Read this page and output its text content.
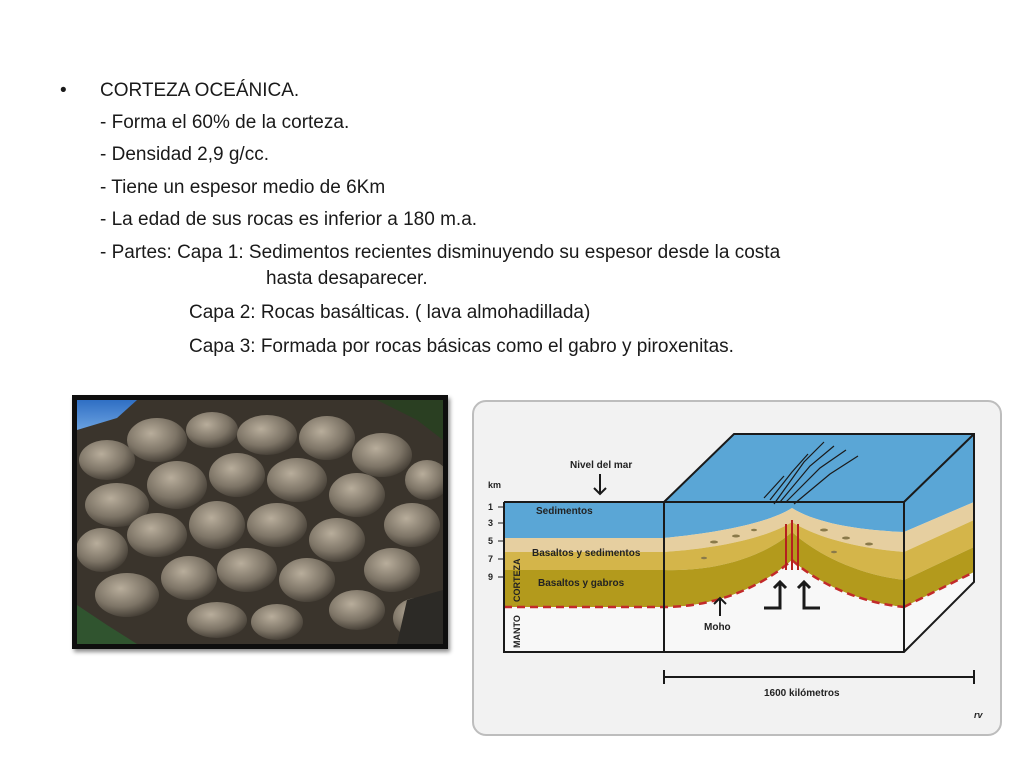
• CORTEZA OCEÁNICA.
- Forma el 60% de la corteza.
- Densidad 2,9 g/cc.
- Tiene un espesor medio de 6Km
- La edad de sus rocas es inferior a 180 m.a.
- Partes: Capa 1: Sedimentos recientes disminuyendo su espesor desde la costa
hasta desaparecer.
Capa 2: Rocas basálticas. ( lava almohadillada)
Capa 3: Formada por rocas básicas como el gabro y piroxenitas.
km
1
3
5
7
9
Sedimentos
Basaltos y sedimentos
Basaltos y gabros
CORTEZA
MANTO
Nivel del mar
Moho
1600 kilómetros
rv
